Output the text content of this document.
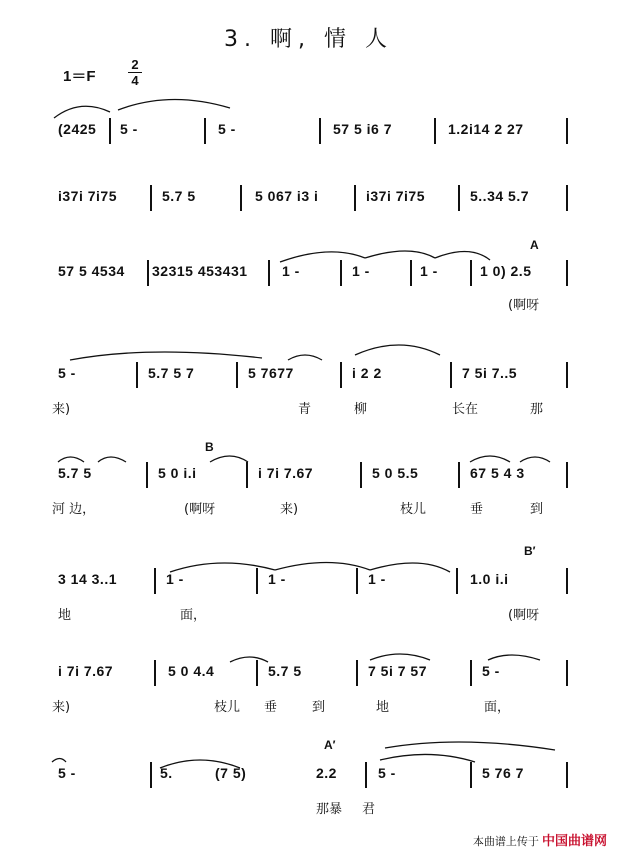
3. 啊, 情 人
1＝F
2
4
(2425 5 -	5 -	57 5 i6 7	1.2i14 2 27
i37i 7i75	5.7 5	5 067 i3 i	i37i 7i75	5..34 5.7
57 5 4534 32315 453431 1 -	1 -	1 -	1 0) 2.5
A
(啊呀
5 -	5.7 5 7	5 7677	i 2 2	7 5i 7..5
来)	青	柳	长在	那
5.7 5	5 0 i.i	i 7i 7.67	5 0 5.5	67 5 4 3
B
河 边，	(啊呀	来)	枝儿	垂	到
3 14 3..1	1 -	1 -	1 -	1.0 i.i
B′
地	面，	(啊呀
i 7i 7.67	5 0 4.4	5.7 5	7 5i 7 57	5 -
来)	枝儿 垂	到	地	面，
5 -	5.	(7 5)	2.2	5 -	5 76 7
A′
那暴 君
本曲谱上传于 中国曲谱网
